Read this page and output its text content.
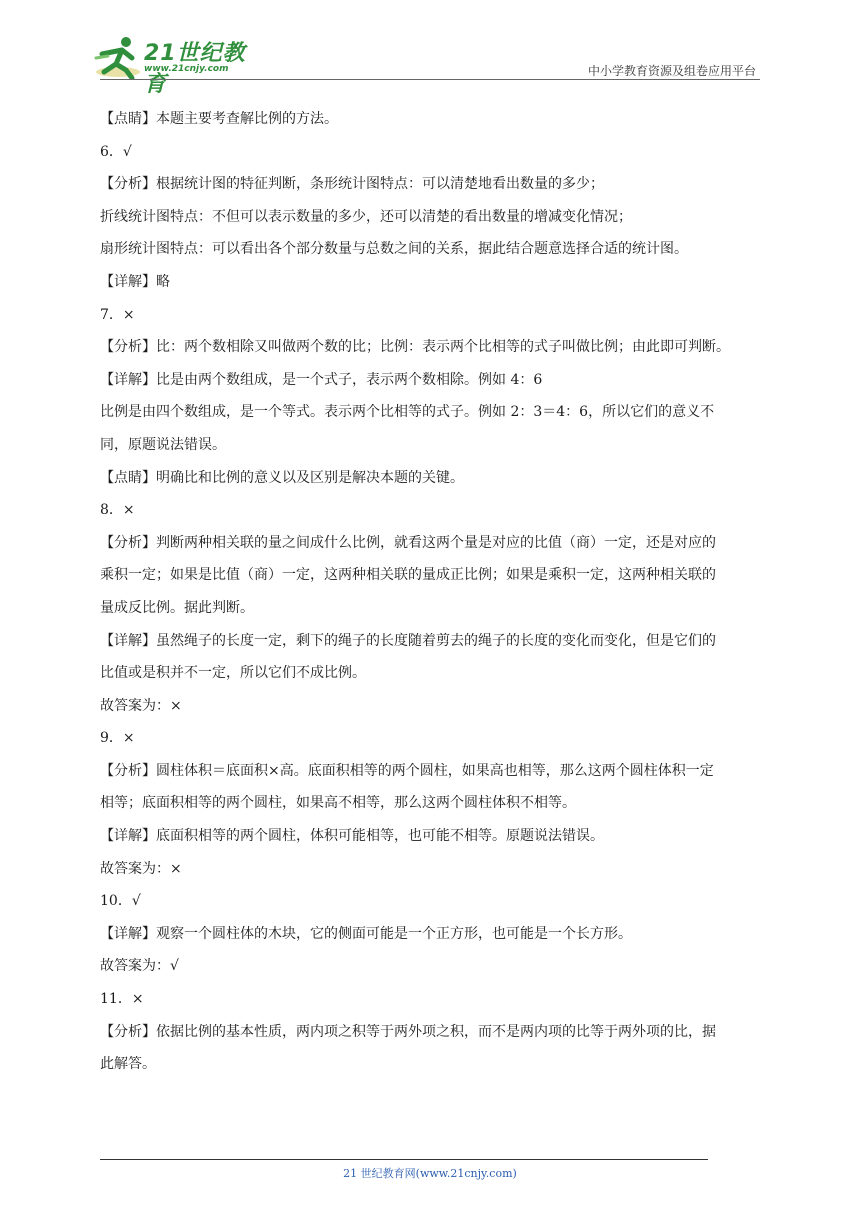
21世纪教育
www.21cnjy.com	中小学教育资源及组卷应用平台
【点睛】本题主要考查解比例的方法。
6．√
【分析】根据统计图的特征判断，条形统计图特点：可以清楚地看出数量的多少；
折线统计图特点：不但可以表示数量的多少，还可以清楚的看出数量的增减变化情况；
扇形统计图特点：可以看出各个部分数量与总数之间的关系，据此结合题意选择合适的统计图。
【详解】略
7．×
【分析】比：两个数相除又叫做两个数的比；比例：表示两个比相等的式子叫做比例；由此即可判断。
【详解】比是由两个数组成，是一个式子，表示两个数相除。例如 4：6
比例是由四个数组成，是一个等式。表示两个比相等的式子。例如 2：3＝4：6，所以它们的意义不
同，原题说法错误。
【点睛】明确比和比例的意义以及区别是解决本题的关键。
8．×
【分析】判断两种相关联的量之间成什么比例，就看这两个量是对应的比值（商）一定，还是对应的
乘积一定；如果是比值（商）一定，这两种相关联的量成正比例；如果是乘积一定，这两种相关联的
量成反比例。据此判断。
【详解】虽然绳子的长度一定，剩下的绳子的长度随着剪去的绳子的长度的变化而变化，但是它们的
比值或是积并不一定，所以它们不成比例。
故答案为：×
9．×
【分析】圆柱体积＝底面积×高。底面积相等的两个圆柱，如果高也相等，那么这两个圆柱体积一定
相等；底面积相等的两个圆柱，如果高不相等，那么这两个圆柱体积不相等。
【详解】底面积相等的两个圆柱，体积可能相等，也可能不相等。原题说法错误。
故答案为：×
10．√
【详解】观察一个圆柱体的木块，它的侧面可能是一个正方形，也可能是一个长方形。
故答案为：√
11．×
【分析】依据比例的基本性质，两内项之积等于两外项之积，而不是两内项的比等于两外项的比，据
此解答。
21 世纪教育网(www.21cnjy.com)
